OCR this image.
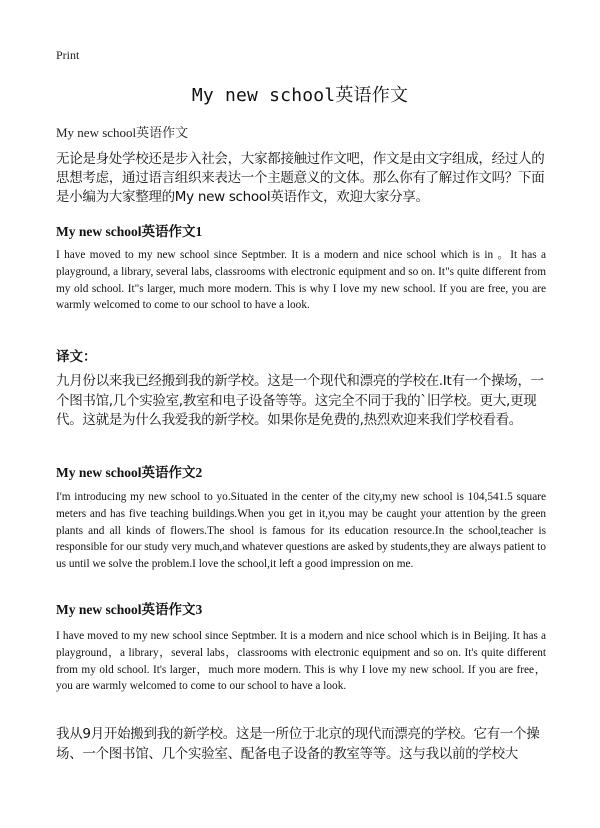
Print
My new school英语作文
My new school英语作文
无论是身处学校还是步入社会，大家都接触过作文吧，作文是由文字组成，经过人的思想考虑，通过语言组织来表达一个主题意义的文体。那么你有了解过作文吗？下面是小编为大家整理的My new school英语作文，欢迎大家分享。
My new school英语作文1
I have moved to my new school since Septmber. It is a modern and nice school which is in 。It has a playground, a library, several labs, classrooms with electronic equipment and so on. It"s quite different from my old school. It"s larger, much more modern. This is why I love my new school. If you are free, you are warmly welcomed to come to our school to have a look.
译文：
九月份以来我已经搬到我的新学校。这是一个现代和漂亮的学校在.It有一个操场，一个图书馆,几个实验室,教室和电子设备等等。这完全不同于我的`旧学校。更大,更现代。这就是为什么我爱我的新学校。如果你是免费的,热烈欢迎来我们学校看看。
My new school英语作文2
I'm introducing my new school to yo.Situated in the center of the city,my new school is 104,541.5 square meters and has five teaching buildings.When you get in it,you may be caught your attention by the green plants and all kinds of flowers.The shool is famous for its education resource.In the school,teacher is responsible for our study very much,and whatever questions are asked by students,they are always patient to us until we solve the problem.I love the school,it left a good impression on me.
My new school英语作文3
I have moved to my new school since Septmber. It is a modern and nice school which is in Beijing. It has a playground，a library，several labs，classrooms with electronic equipment and so on. It's quite different from my old school. It's larger，much more modern. This is why I love my new school. If you are free，you are warmly welcomed to come to our school to have a look.
我从9月开始搬到我的新学校。这是一所位于北京的现代而漂亮的学校。它有一个操场、一个图书馆、几个实验室、配备电子设备的教室等等。这与我以前的学校大
